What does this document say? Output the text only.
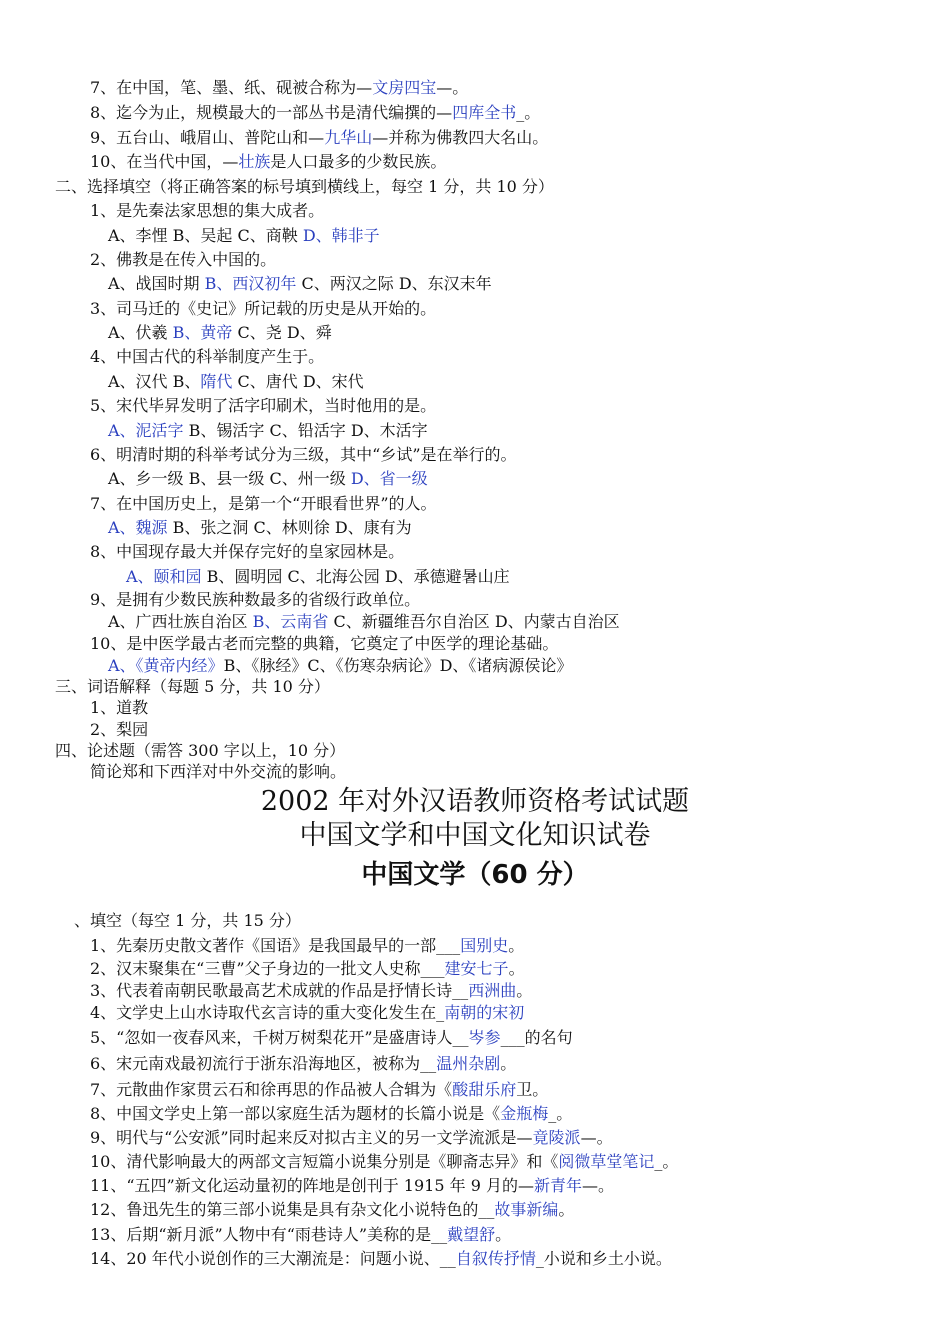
7、在中国，笔、墨、纸、砚被合称为—文房四宝—。
8、迄今为止，规模最大的一部丛书是清代编撰的—四库全书_。
9、五台山、峨眉山、普陀山和—九华山—并称为佛教四大名山。
10、在当代中国，—壮族是人口最多的少数民族。
二、选择填空（将正确答案的标号填到横线上，每空 1 分，共 10 分）
1、是先秦法家思想的集大成者。
A、李悝 B、吴起 C、商鞅 D、韩非子
2、佛教是在传入中国的。
A、战国时期 B、西汉初年 C、两汉之际 D、东汉末年
3、司马迁的《史记》所记载的历史是从开始的。
A、伏羲 B、黄帝 C、尧 D、舜
4、中国古代的科举制度产生于。
A、汉代 B、隋代 C、唐代 D、宋代
5、宋代毕昇发明了活字印刷术，当时他用的是。
A、泥活字 B、锡活字 C、铅活字 D、木活字
6、明清时期的科举考试分为三级，其中“乡试”是在举行的。
A、乡一级 B、县一级 C、州一级 D、省一级
7、在中国历史上，是第一个“开眼看世界”的人。
A、魏源 B、张之洞 C、林则徐 D、康有为
8、中国现存最大并保存完好的皇家园林是。
A、颐和园 B、圆明园 C、北海公园 D、承德避暑山庄
9、是拥有少数民族种数最多的省级行政单位。
A、广西壮族自治区 B、云南省 C、新疆维吾尔自治区 D、内蒙古自治区
10、是中医学最古老而完整的典籍，它奠定了中医学的理论基础。
A、《黄帝内经》B、《脉经》C、《伤寒杂病论》D、《诸病源侯论》
三、词语解释（每题 5 分，共 10 分）
1、道教
2、梨园
四、论述题（需答 300 字以上，10 分）
简论郑和下西洋对中外交流的影响。
2002 年对外汉语教师资格考试试题
中国文学和中国文化知识试卷
中国文学（60 分）
、填空（每空 1 分，共 15 分）
1、先秦历史散文著作《国语》是我国最早的一部___国别史。
2、汉末聚集在“三曹”父子身边的一批文人史称___建安七子。
3、代表着南朝民歌最高艺术成就的作品是抒情长诗__西洲曲。
4、文学史上山水诗取代玄言诗的重大变化发生在_南朝的宋初
5、“忽如一夜春风来，千树万树梨花开”是盛唐诗人__岑参___的名句
6、宋元南戏最初流行于浙东沿海地区，被称为__温州杂剧。
7、元散曲作家贯云石和徐再思的作品被人合辑为《酸甜乐府卫。
8、中国文学史上第一部以家庭生活为题材的长篇小说是《金瓶梅_。
9、明代与“公安派”同时起来反对拟古主义的另一文学流派是—竟陵派—。
10、清代影响最大的两部文言短篇小说集分别是《聊斋志异》和《阅微草堂笔记_。
11、“五四”新文化运动量初的阵地是创刊于 1915 年 9 月的—新青年—。
12、鲁迅先生的第三部小说集是具有杂文化小说特色的__故事新编。
13、后期“新月派”人物中有“雨巷诗人”美称的是__戴望舒。
14、20 年代小说创作的三大潮流是：问题小说、__自叙传抒情_小说和乡土小说。
